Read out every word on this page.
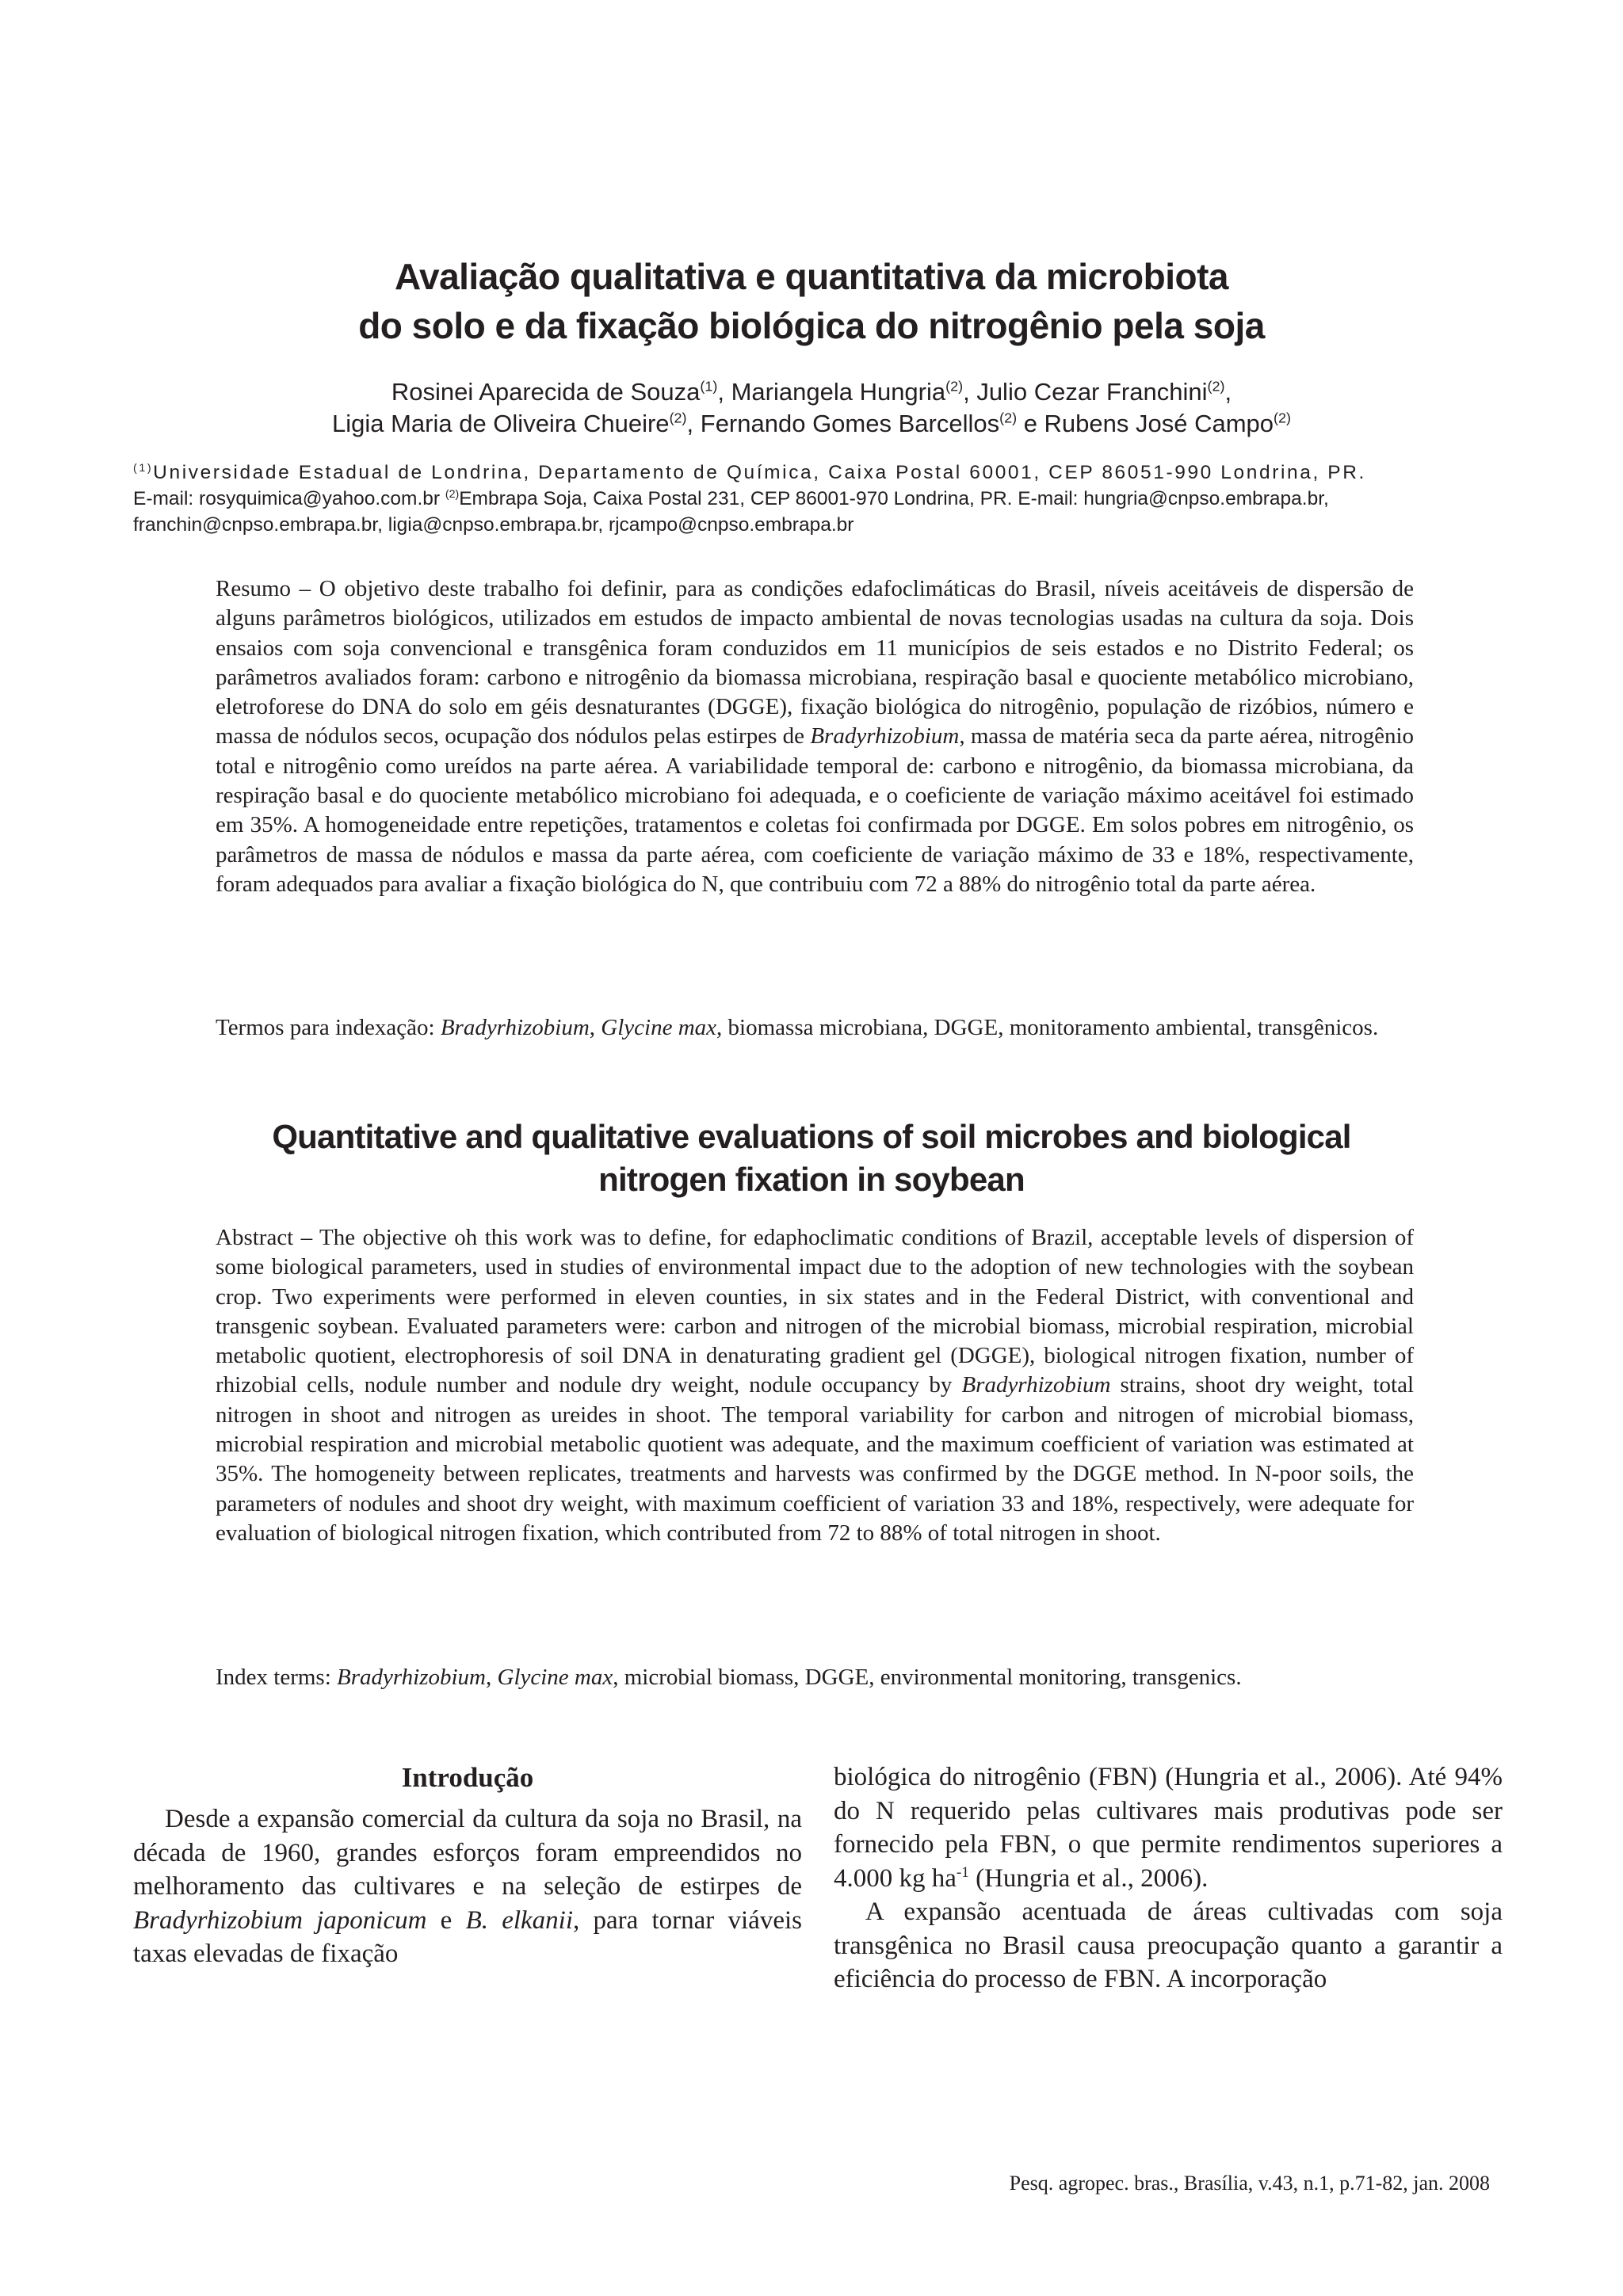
Avaliação qualitativa e quantitativa da microbiota
do solo e da fixação biológica do nitrogênio pela soja
Rosinei Aparecida de Souza$^{(1)}$, Mariangela Hungria$^{(2)}$, Julio Cezar Franchini$^{(2)}$,
Ligia Maria de Oliveira Chueire$^{(2)}$, Fernando Gomes Barcellos$^{(2)}$ e Rubens José Campo$^{(2)}$
$^{(1)}$Universidade Estadual de Londrina, Departamento de Química, Caixa Postal 60001, CEP 86051-990 Londrina, PR.
E-mail: rosyquimica@yahoo.com.br $^{(2)}$Embrapa Soja, Caixa Postal 231, CEP 86001-970 Londrina, PR. E-mail: hungria@cnpso.embrapa.br,
franchin@cnpso.embrapa.br, ligia@cnpso.embrapa.br, rjcampo@cnpso.embrapa.br
Resumo – O objetivo deste trabalho foi definir, para as condições edafoclimáticas do Brasil, níveis aceitáveis de dispersão de alguns parâmetros biológicos, utilizados em estudos de impacto ambiental de novas tecnologias usadas na cultura da soja. Dois ensaios com soja convencional e transgênica foram conduzidos em 11 municípios de seis estados e no Distrito Federal; os parâmetros avaliados foram: carbono e nitrogênio da biomassa microbiana, respiração basal e quociente metabólico microbiano, eletroforese do DNA do solo em géis desnaturantes (DGGE), fixação biológica do nitrogênio, população de rizóbios, número e massa de nódulos secos, ocupação dos nódulos pelas estirpes de Bradyrhizobium, massa de matéria seca da parte aérea, nitrogênio total e nitrogênio como ureídos na parte aérea. A variabilidade temporal de: carbono e nitrogênio, da biomassa microbiana, da respiração basal e do quociente metabólico microbiano foi adequada, e o coeficiente de variação máximo aceitável foi estimado em 35%. A homogeneidade entre repetições, tratamentos e coletas foi confirmada por DGGE. Em solos pobres em nitrogênio, os parâmetros de massa de nódulos e massa da parte aérea, com coeficiente de variação máximo de 33 e 18%, respectivamente, foram adequados para avaliar a fixação biológica do N, que contribuiu com 72 a 88% do nitrogênio total da parte aérea.
Termos para indexação: Bradyrhizobium, Glycine max, biomassa microbiana, DGGE, monitoramento ambiental, transgênicos.
Quantitative and qualitative evaluations of soil microbes and biological
nitrogen fixation in soybean
Abstract – The objective oh this work was to define, for edaphoclimatic conditions of Brazil, acceptable levels of dispersion of some biological parameters, used in studies of environmental impact due to the adoption of new technologies with the soybean crop. Two experiments were performed in eleven counties, in six states and in the Federal District, with conventional and transgenic soybean. Evaluated parameters were: carbon and nitrogen of the microbial biomass, microbial respiration, microbial metabolic quotient, electrophoresis of soil DNA in denaturating gradient gel (DGGE), biological nitrogen fixation, number of rhizobial cells, nodule number and nodule dry weight, nodule occupancy by Bradyrhizobium strains, shoot dry weight, total nitrogen in shoot and nitrogen as ureides in shoot. The temporal variability for carbon and nitrogen of microbial biomass, microbial respiration and microbial metabolic quotient was adequate, and the maximum coefficient of variation was estimated at 35%. The homogeneity between replicates, treatments and harvests was confirmed by the DGGE method. In N-poor soils, the parameters of nodules and shoot dry weight, with maximum coefficient of variation 33 and 18%, respectively, were adequate for evaluation of biological nitrogen fixation, which contributed from 72 to 88% of total nitrogen in shoot.
Index terms: Bradyrhizobium, Glycine max, microbial biomass, DGGE, environmental monitoring, transgenics.
Introdução

Desde a expansão comercial da cultura da soja no Brasil, na década de 1960, grandes esforços foram empreendidos no melhoramento das cultivares e na seleção de estirpes de Bradyrhizobium japonicum e B. elkanii, para tornar viáveis taxas elevadas de fixação

biológica do nitrogênio (FBN) (Hungria et al., 2006). Até 94% do N requerido pelas cultivares mais produtivas pode ser fornecido pela FBN, o que permite rendimentos superiores a 4.000 kg $ha^{-1}$ (Hungria et al., 2006).

A expansão acentuada de áreas cultivadas com soja transgênica no Brasil causa preocupação quanto a garantir a eficiência do processo de FBN. A incorporação

Pesq. agropec. bras., Brasília, v.43, n.1, p.71-82, jan. 2008
